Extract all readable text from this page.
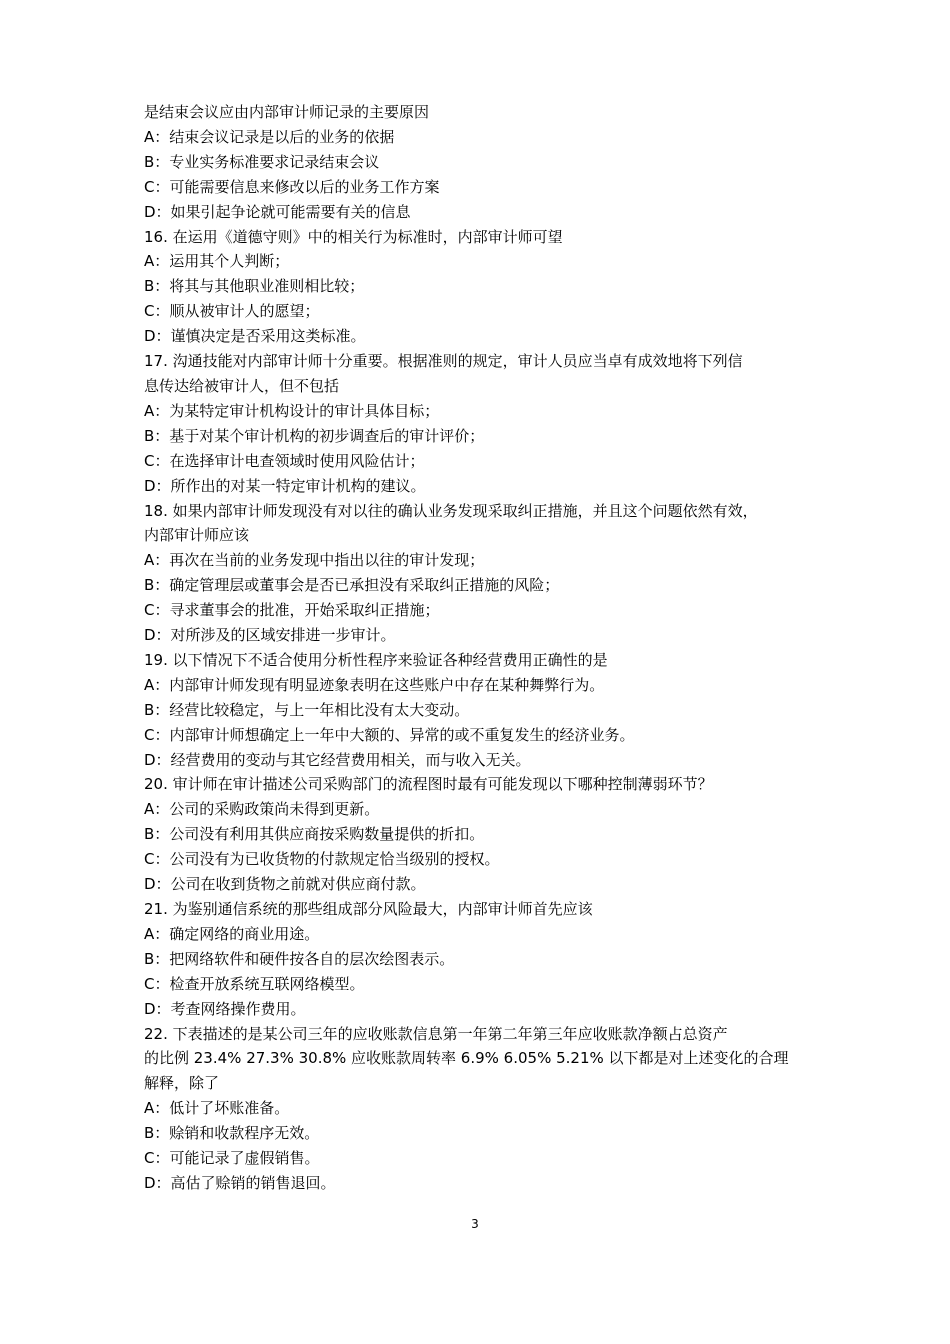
是结束会议应由内部审计师记录的主要原因
A：结束会议记录是以后的业务的依据
B：专业实务标准要求记录结束会议
C：可能需要信息来修改以后的业务工作方案
D：如果引起争论就可能需要有关的信息
16. 在运用《道德守则》中的相关行为标准时，内部审计师可望
A：运用其个人判断；
B：将其与其他职业准则相比较；
C：顺从被审计人的愿望；
D：谨慎决定是否采用这类标准。
17. 沟通技能对内部审计师十分重要。根据准则的规定，审计人员应当卓有成效地将下列信
息传达给被审计人，但不包括
A：为某特定审计机构设计的审计具体目标；
B：基于对某个审计机构的初步调查后的审计评价；
C：在选择审计电查领域时使用风险估计；
D：所作出的对某一特定审计机构的建议。
18. 如果内部审计师发现没有对以往的确认业务发现采取纠正措施，并且这个问题依然有效，
内部审计师应该
A：再次在当前的业务发现中指出以往的审计发现；
B：确定管理层或董事会是否已承担没有采取纠正措施的风险；
C：寻求董事会的批准，开始采取纠正措施；
D：对所涉及的区域安排进一步审计。
19. 以下情况下不适合使用分析性程序来验证各种经营费用正确性的是
A：内部审计师发现有明显迹象表明在这些账户中存在某种舞弊行为。
B：经营比较稳定，与上一年相比没有太大变动。
C：内部审计师想确定上一年中大额的、异常的或不重复发生的经济业务。
D：经营费用的变动与其它经营费用相关，而与收入无关。
20. 审计师在审计描述公司采购部门的流程图时最有可能发现以下哪种控制薄弱环节？
A：公司的采购政策尚未得到更新。
B：公司没有利用其供应商按采购数量提供的折扣。
C：公司没有为已收货物的付款规定恰当级别的授权。
D：公司在收到货物之前就对供应商付款。
21. 为鉴别通信系统的那些组成部分风险最大，内部审计师首先应该
A：确定网络的商业用途。
B：把网络软件和硬件按各自的层次绘图表示。
C：检查开放系统互联网络模型。
D：考查网络操作费用。
22. 下表描述的是某公司三年的应收账款信息第一年第二年第三年应收账款净额占总资产
的比例 23.4% 27.3% 30.8% 应收账款周转率 6.9% 6.05% 5.21% 以下都是对上述变化的合理
解释，除了
A：低计了坏账准备。
B：赊销和收款程序无效。
C：可能记录了虚假销售。
D：高估了赊销的销售退回。
3
